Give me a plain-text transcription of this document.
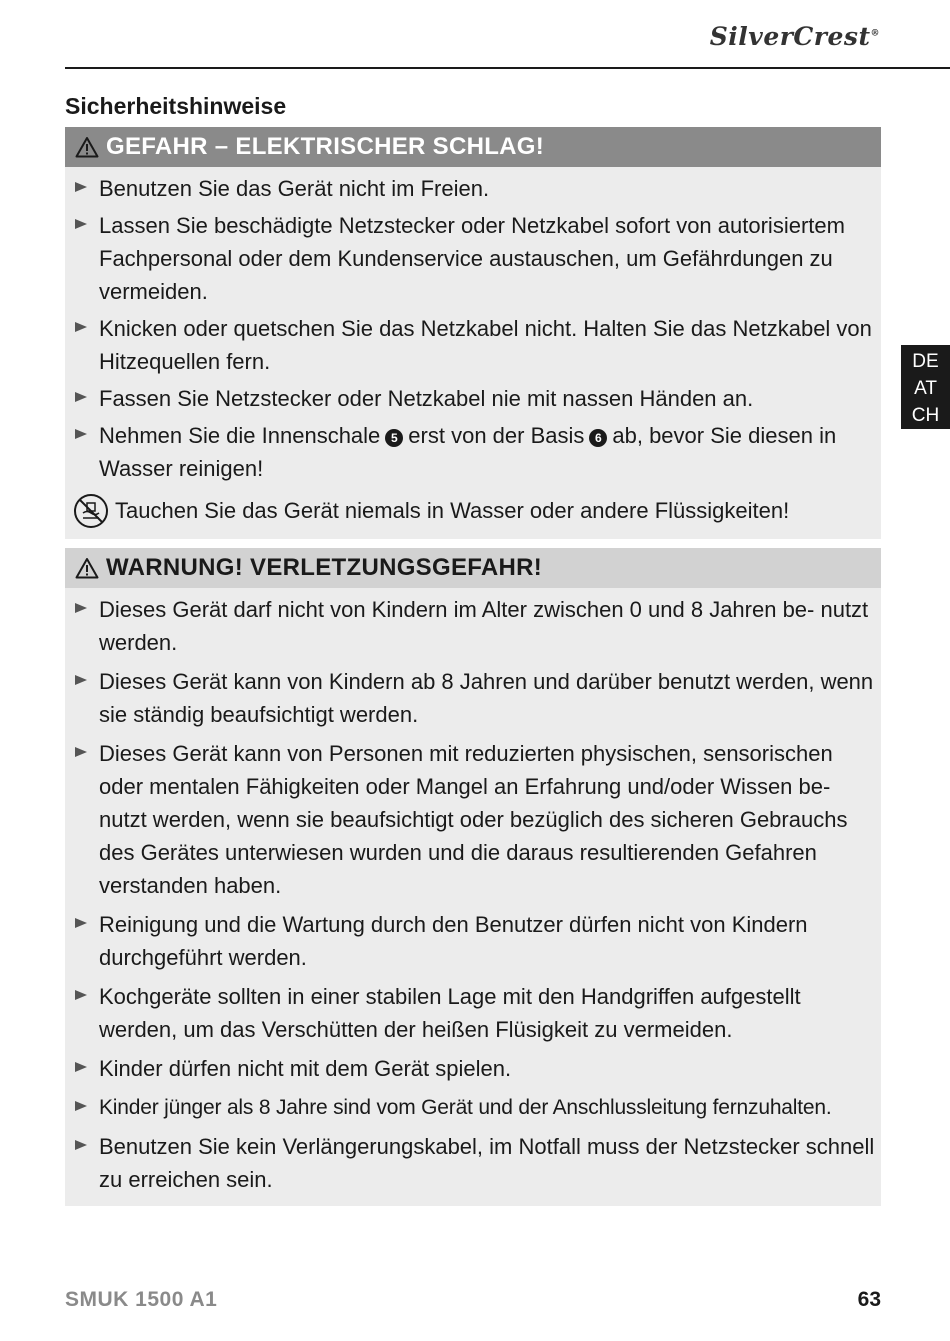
SilverCrest®
Sicherheitshinweise
GEFAHR – ELEKTRISCHER SCHLAG!
Benutzen Sie das Gerät nicht im Freien.
Lassen Sie beschädigte Netzstecker oder Netzkabel sofort von autorisiertem Fachpersonal oder dem Kundenservice austauschen, um Gefährdungen zu vermeiden.
Knicken oder quetschen Sie das Netzkabel nicht. Halten Sie das Netzkabel von Hitzequellen fern.
Fassen Sie Netzstecker oder Netzkabel nie mit nassen Händen an.
Nehmen Sie die Innenschale 5 erst von der Basis 6 ab, bevor Sie diesen in Wasser reinigen!
Tauchen Sie das Gerät niemals in Wasser oder andere Flüssigkeiten!
WARNUNG! VERLETZUNGSGEFAHR!
Dieses Gerät darf nicht von Kindern im Alter zwischen 0 und 8 Jahren be- nutzt werden.
Dieses Gerät kann von Kindern ab 8 Jahren und darüber benutzt werden, wenn sie ständig beaufsichtigt werden.
Dieses Gerät kann von Personen mit reduzierten physischen, sensorischen oder mentalen Fähigkeiten oder Mangel an Erfahrung und/oder Wissen be- nutzt werden, wenn sie beaufsichtigt oder bezüglich des sicheren Gebrauchs des Gerätes unterwiesen wurden und die daraus resultierenden Gefahren verstanden haben.
Reinigung und die Wartung durch den Benutzer dürfen nicht von Kindern durchgeführt werden.
Kochgeräte sollten in einer stabilen Lage mit den Handgriffen aufgestellt werden, um das Verschütten der heißen Flüsigkeit zu vermeiden.
Kinder dürfen nicht mit dem Gerät spielen.
Kinder jünger als 8 Jahre sind vom Gerät und der Anschlussleitung fernzuhalten.
Benutzen Sie kein Verlängerungskabel, im Notfall muss der Netzstecker schnell zu erreichen sein.
DE
AT
CH
SMUK 1500 A1	63
